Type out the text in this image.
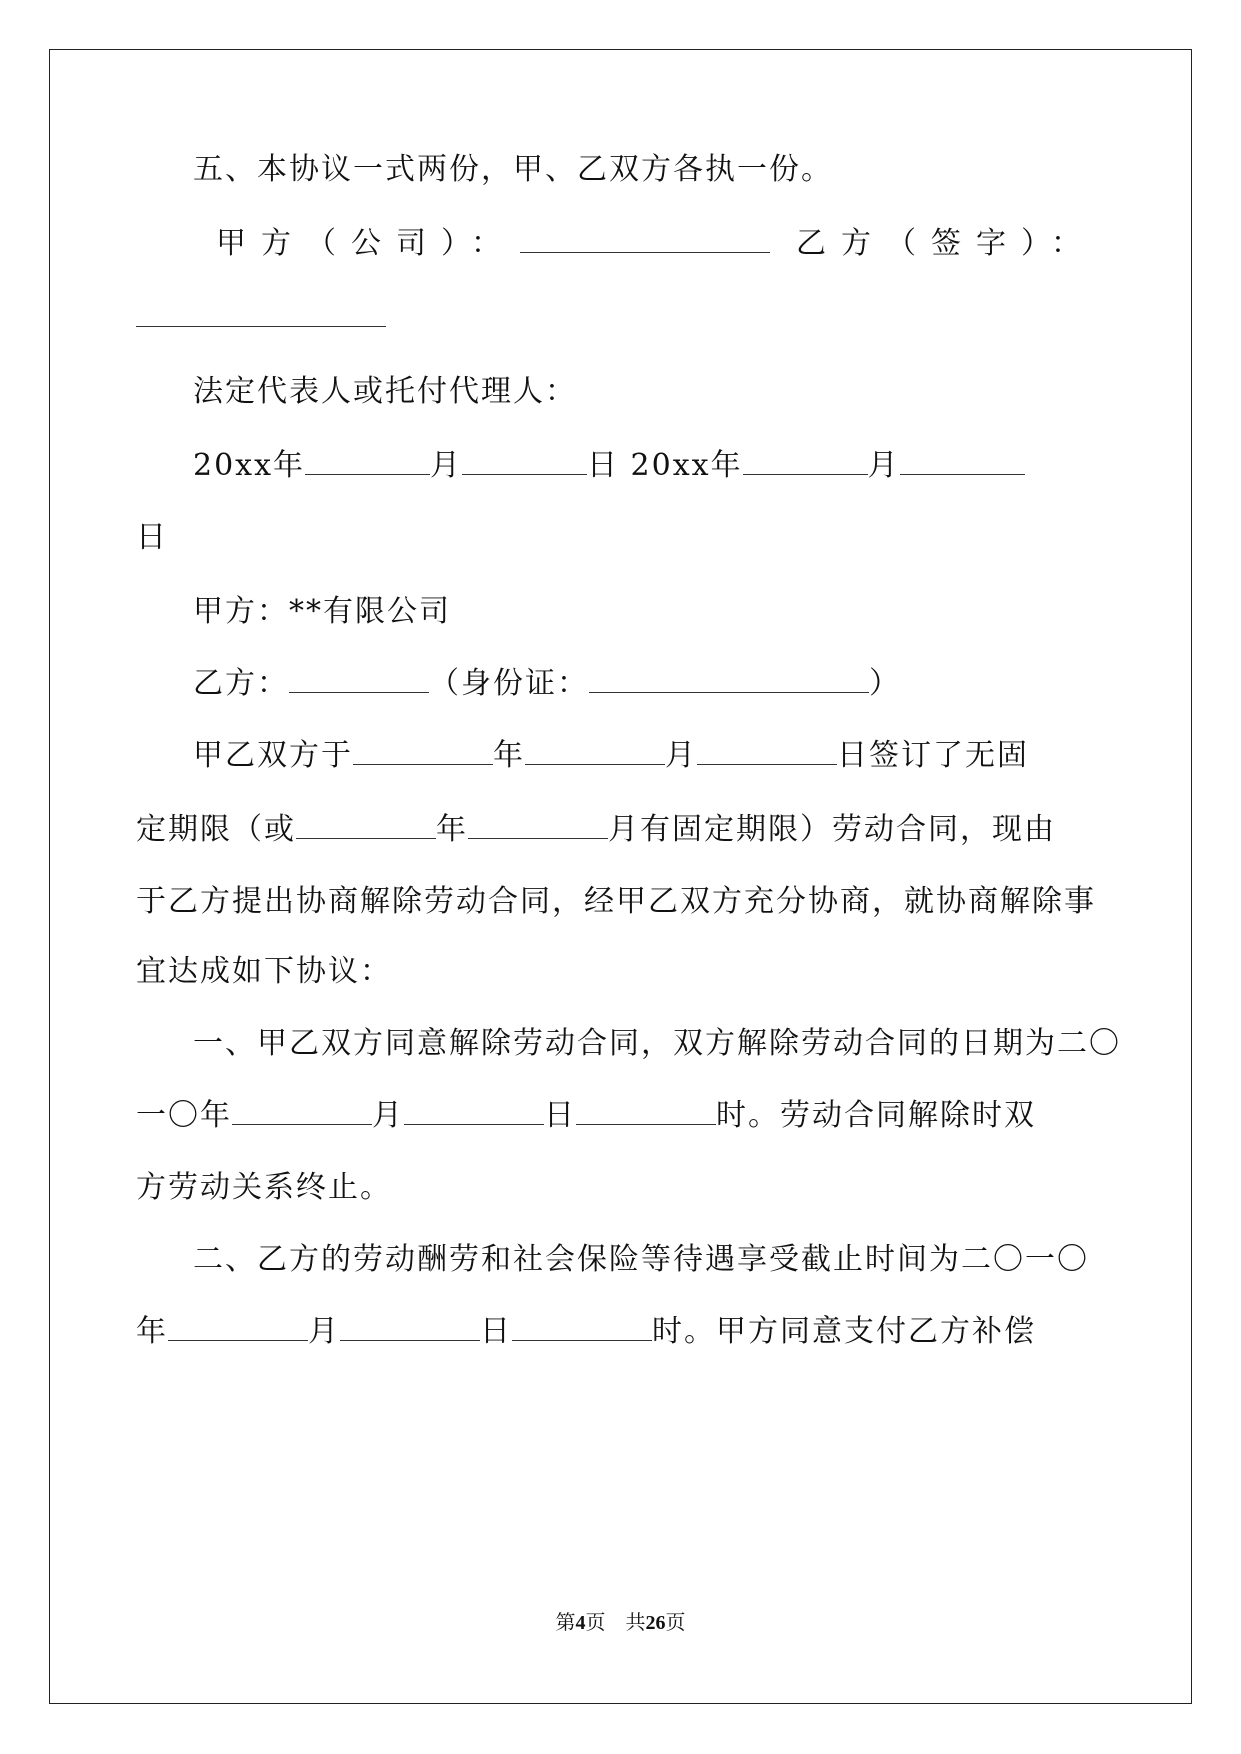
五、本协议一式两份，甲、乙双方各执一份。
甲方（公司）：	乙方（签字）：
法定代表人或托付代理人：
20xx年	月	日 20xx年	月
日
甲方：**有限公司
乙方：	（身份证：	）
甲乙双方于	年	月	日签订了无固
定期限（或	年	月有固定期限）劳动合同，现由
于乙方提出协商解除劳动合同，经甲乙双方充分协商，就协商解除事
宜达成如下协议：
一、甲乙双方同意解除劳动合同，双方解除劳动合同的日期为二〇
一〇年	月	日	时。劳动合同解除时双
方劳动关系终止。
二、乙方的劳动酬劳和社会保险等待遇享受截止时间为二〇一〇
年	月	日	时。甲方同意支付乙方补偿
第4页　共26页
